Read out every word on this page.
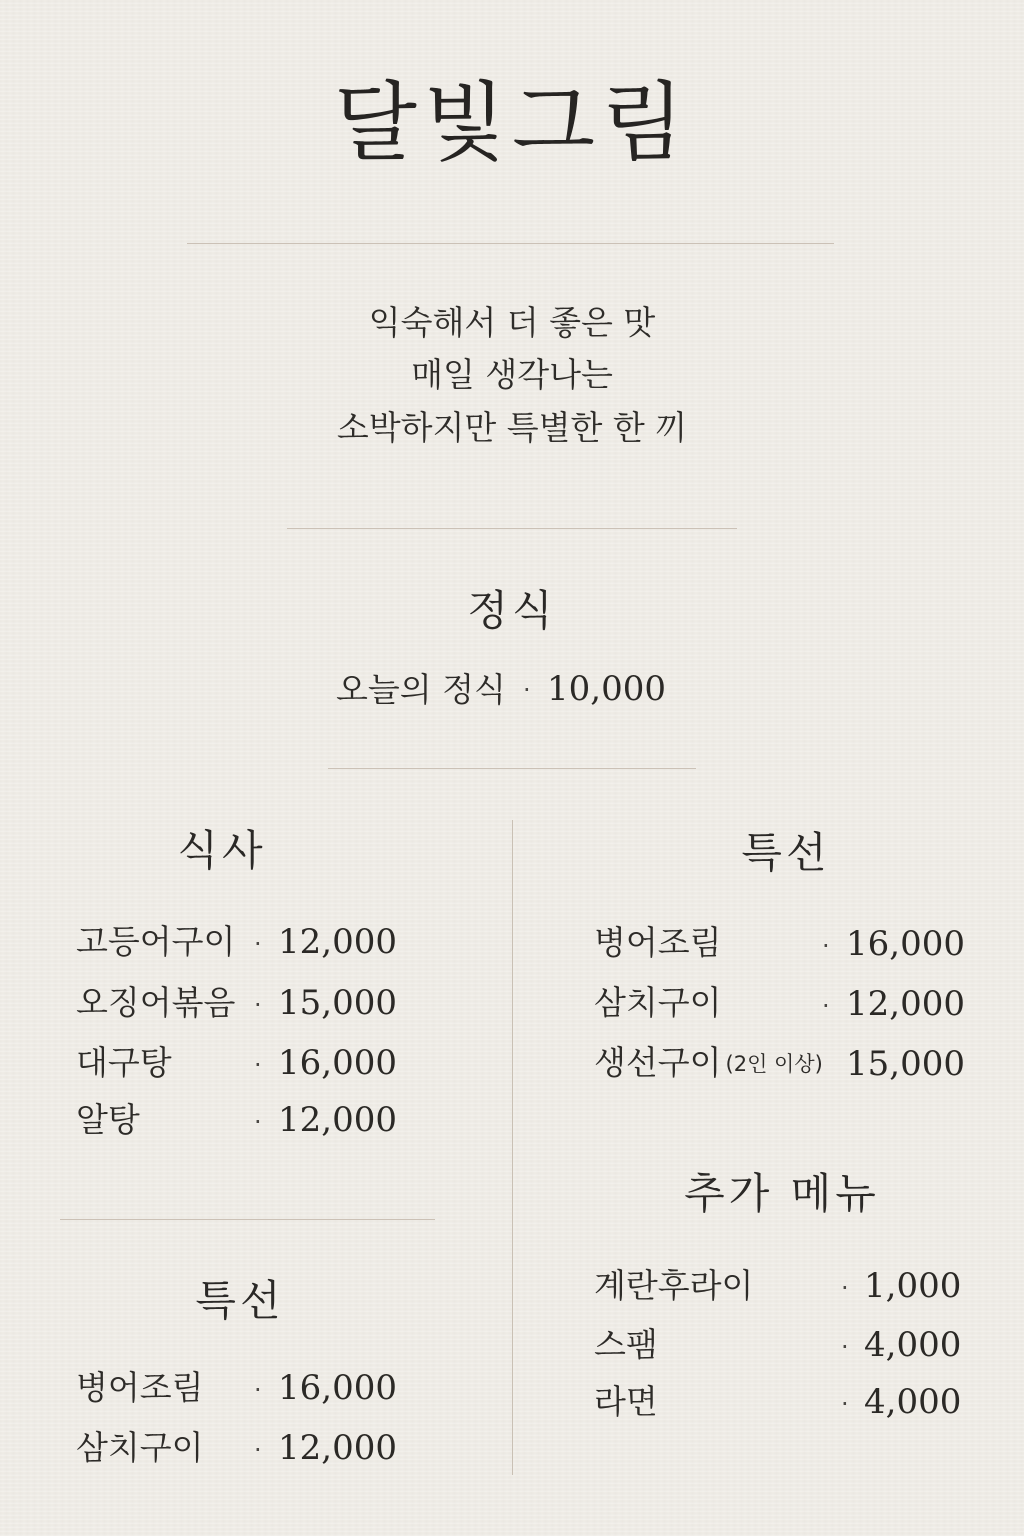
달빛그림
익숙해서 더 좋은 맛
매일 생각나는
소박하지만 특별한 한 끼
정식
오늘의 정식 · 10,000
식사
고등어구이 · 12,000
오징어볶음 · 15,000
대구탕	· 16,000
알탕	· 12,000
특선
병어조림 · 16,000
삼치구이 · 12,000
특선
병어조림	· 16,000
삼치구이	· 12,000
생선구이 (2인 이상) 15,000
추가 메뉴
계란후라이	· 1,000
스팸	· 4,000
라면	· 4,000
